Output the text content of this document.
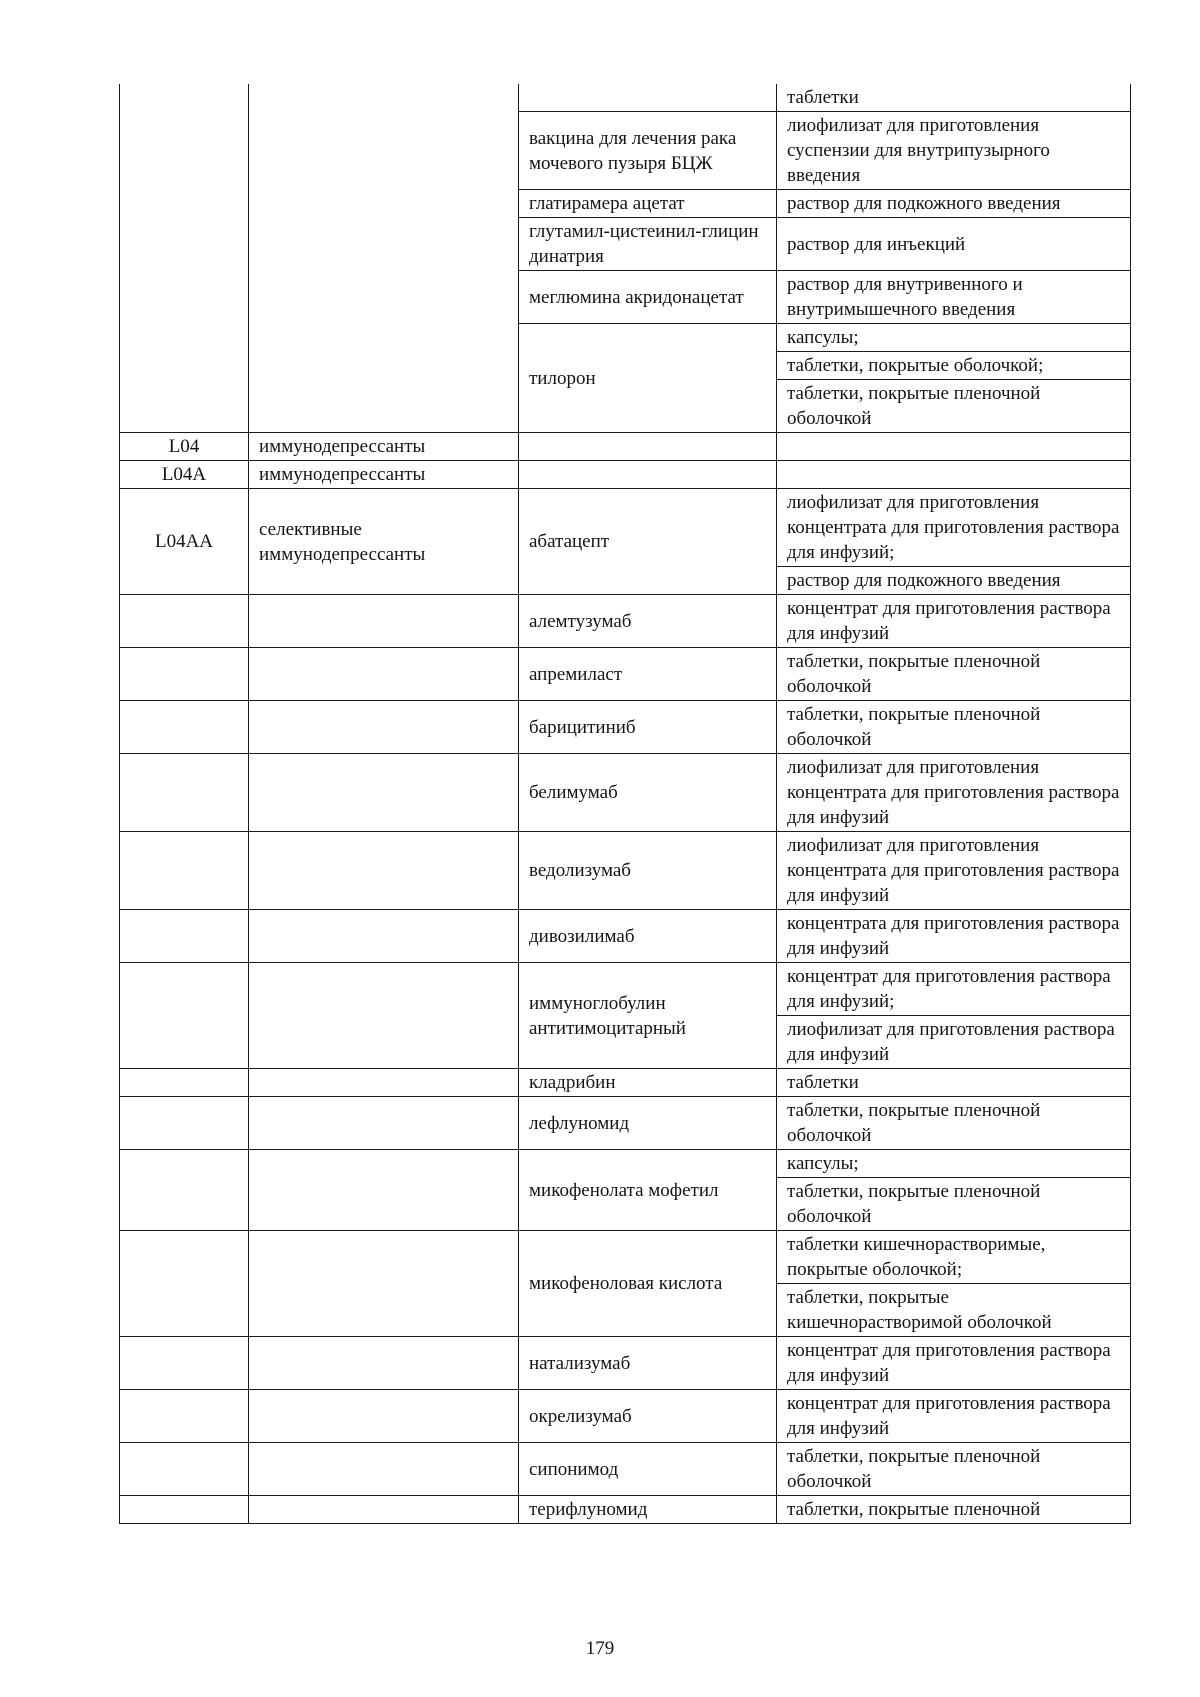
			таблетки
		вакцина для лечения рака мочевого пузыря БЦЖ	лиофилизат для приготовления суспензии для внутрипузырного введения
		глатирамера ацетат	раствор для подкожного введения
		глутамил-цистеинил-глицин динатрия	раствор для инъекций
		меглюмина акридонацетат	раствор для внутривенного и внутримышечного введения
		тилорон	капсулы;
			таблетки, покрытые оболочкой;
			таблетки, покрытые пленочной оболочкой
L04	иммунодепрессанты		
L04A	иммунодепрессанты		
L04AA	селективные иммунодепрессанты	абатацепт	лиофилизат для приготовления концентрата для приготовления раствора для инфузий;
			раствор для подкожного введения
		алемтузумаб	концентрат для приготовления раствора для инфузий
		апремиласт	таблетки, покрытые пленочной оболочкой
		барицитиниб	таблетки, покрытые пленочной оболочкой
		белимумаб	лиофилизат для приготовления концентрата для приготовления раствора для инфузий
		ведолизумаб	лиофилизат для приготовления концентрата для приготовления раствора для инфузий
		дивозилимаб	концентрата для приготовления раствора для инфузий
		иммуноглобулин антитимоцитарный	концентрат для приготовления раствора для инфузий;
			лиофилизат для приготовления раствора для инфузий
		кладрибин	таблетки
		лефлуномид	таблетки, покрытые пленочной оболочкой
		микофенолата мофетил	капсулы;
			таблетки, покрытые пленочной оболочкой
		микофеноловая кислота	таблетки кишечнорастворимые, покрытые оболочкой;
			таблетки, покрытые кишечнорастворимой оболочкой
		натализумаб	концентрат для приготовления раствора для инфузий
		окрелизумаб	концентрат для приготовления раствора для инфузий
		сипонимод	таблетки, покрытые пленочной оболочкой
		терифлуномид	таблетки, покрытые пленочной
179
